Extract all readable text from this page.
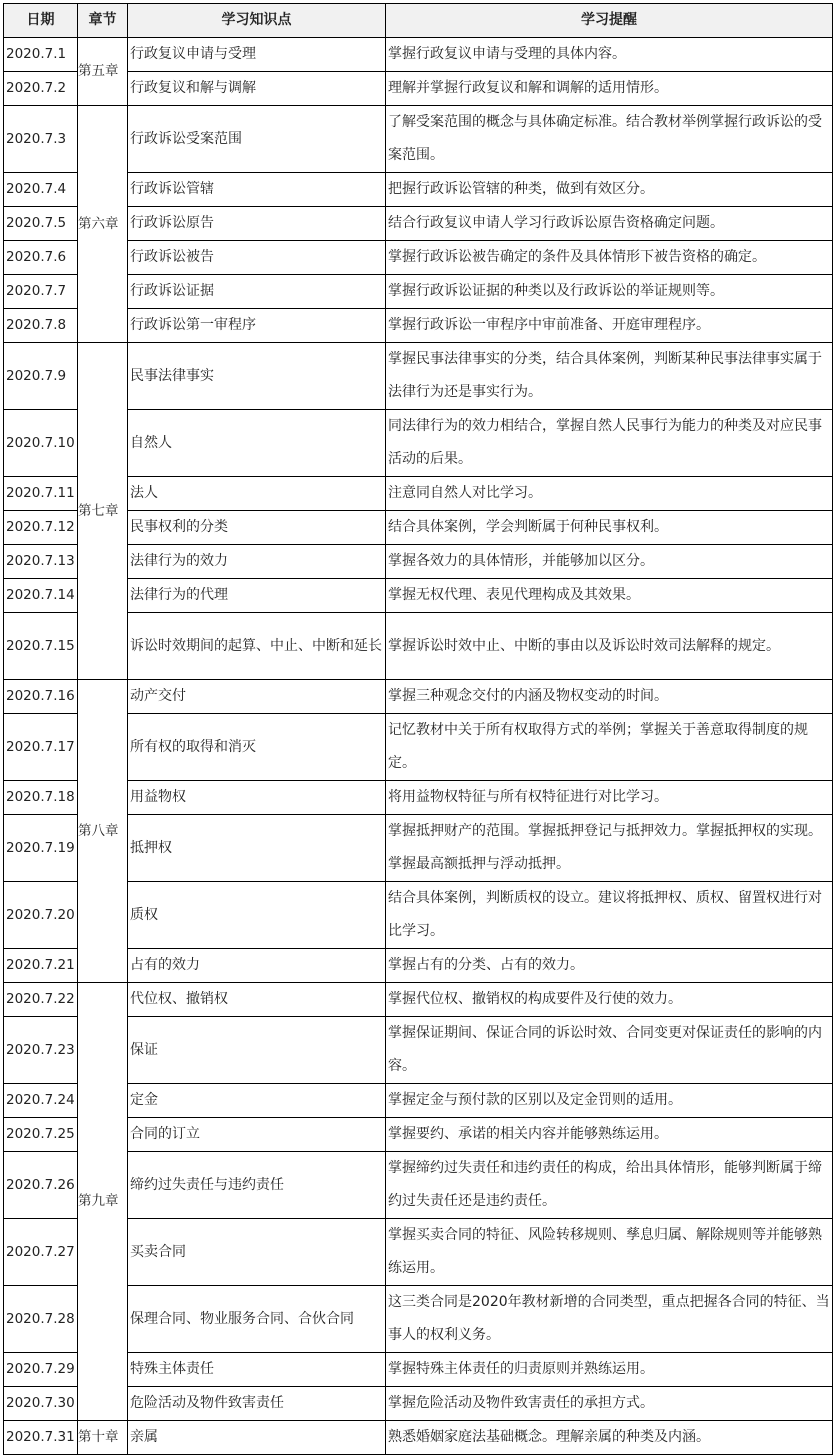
日期	章节	学习知识点	学习提醒
2020.7.1	第五章	行政复议申请与受理	掌握行政复议申请与受理的具体内容。
2020.7.2		行政复议和解与调解	理解并掌握行政复议和解和调解的适用情形。
2020.7.3	第六章	行政诉讼受案范围	了解受案范围的概念与具体确定标准。结合教材举例掌握行政诉讼的受案范围。

2020.7.4		行政诉讼管辖	把握行政诉讼管辖的种类，做到有效区分。
2020.7.5		行政诉讼原告	结合行政复议申请人学习行政诉讼原告资格确定问题。
2020.7.6		行政诉讼被告	掌握行政诉讼被告确定的条件及具体情形下被告资格的确定。
2020.7.7		行政诉讼证据	掌握行政诉讼证据的种类以及行政诉讼的举证规则等。
2020.7.8		行政诉讼第一审程序	掌握行政诉讼一审程序中审前准备、开庭审理程序。
2020.7.9	第七章	民事法律事实	掌握民事法律事实的分类，结合具体案例，判断某种民事法律事实属于法律行为还是事实行为。

2020.7.10		自然人	同法律行为的效力相结合，掌握自然人民事行为能力的种类及对应民事活动的后果。

2020.7.11		法人	注意同自然人对比学习。
2020.7.12		民事权利的分类	结合具体案例，学会判断属于何种民事权利。
2020.7.13		法律行为的效力	掌握各效力的具体情形，并能够加以区分。
2020.7.14		法律行为的代理	掌握无权代理、表见代理构成及其效果。
2020.7.15		诉讼时效期间的起算、中止、中断和延长	掌握诉讼时效中止、中断的事由以及诉讼时效司法解释的规定。

2020.7.16	第八章	动产交付	掌握三种观念交付的内涵及物权变动的时间。
2020.7.17		所有权的取得和消灭	记忆教材中关于所有权取得方式的举例；掌握关于善意取得制度的规定。

2020.7.18		用益物权	将用益物权特征与所有权特征进行对比学习。
2020.7.19		抵押权	掌握抵押财产的范围。掌握抵押登记与抵押效力。掌握抵押权的实现。掌握最高额抵押与浮动抵押。

2020.7.20		质权	结合具体案例，判断质权的设立。建议将抵押权、质权、留置权进行对比学习。

2020.7.21		占有的效力	掌握占有的分类、占有的效力。
2020.7.22	第九章	代位权、撤销权	掌握代位权、撤销权的构成要件及行使的效力。
2020.7.23		保证	掌握保证期间、保证合同的诉讼时效、合同变更对保证责任的影响的内容。

2020.7.24		定金	掌握定金与预付款的区别以及定金罚则的适用。
2020.7.25		合同的订立	掌握要约、承诺的相关内容并能够熟练运用。
2020.7.26		缔约过失责任与违约责任	掌握缔约过失责任和违约责任的构成，给出具体情形，能够判断属于缔约过失责任还是违约责任。

2020.7.27		买卖合同	掌握买卖合同的特征、风险转移规则、孳息归属、解除规则等并能够熟练运用。

2020.7.28		保理合同、物业服务合同、合伙合同	这三类合同是2020年教材新增的合同类型，重点把握各合同的特征、当事人的权利义务。

2020.7.29		特殊主体责任	掌握特殊主体责任的归责原则并熟练运用。
2020.7.30		危险活动及物件致害责任	掌握危险活动及物件致害责任的承担方式。
2020.7.31	第十章	亲属	熟悉婚姻家庭法基础概念。理解亲属的种类及内涵。
